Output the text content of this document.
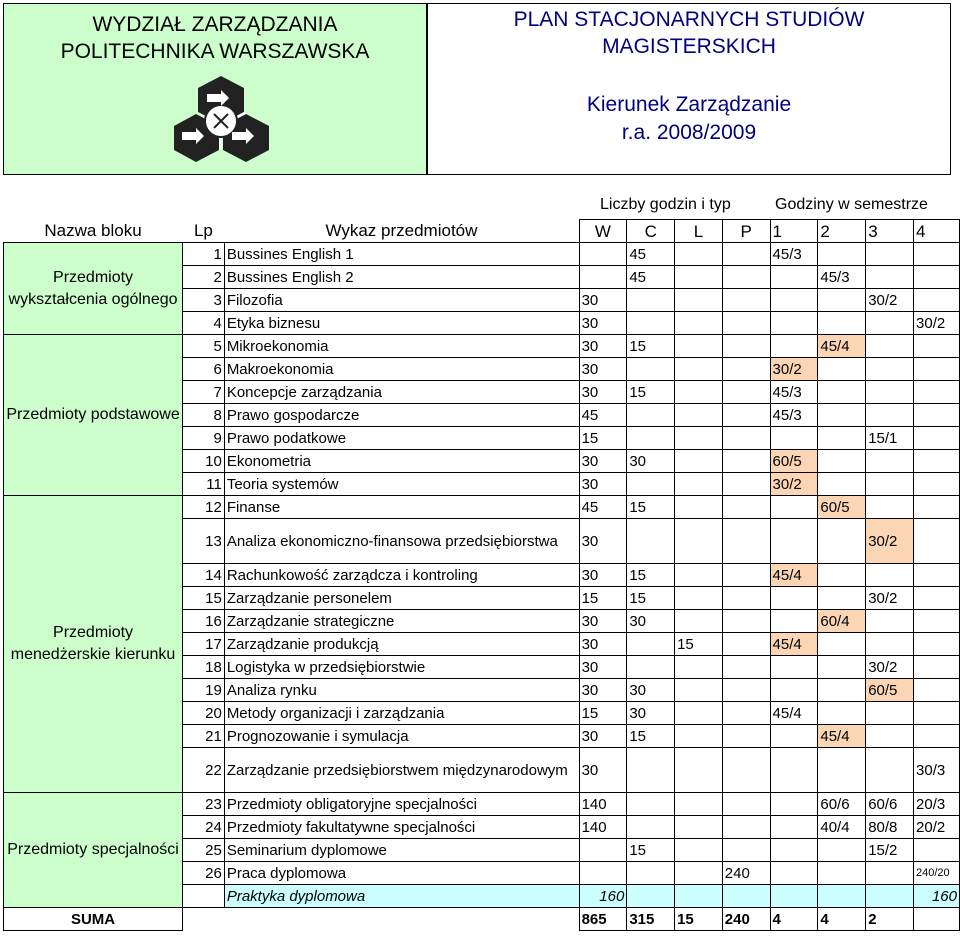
WYDZIAŁ ZARZĄDZANIA
POLITECHNIKA WARSZAWSKA
PLAN STACJONARNYCH STUDIÓW
MAGISTERSKICH
Kierunek Zarządzanie
r.a. 2008/2009
Liczby godzin i typ	Godziny w semestrze
Nazwa bloku	Lp	Wykaz przedmiotów	W	C	L	P	1	2	3	4
Przedmioty wykształcenia ogólnego	1	Bussines English 1		45			45/3			
	2	Bussines English 2		45				45/3		
	3	Filozofia	30						30/2	
	4	Etyka biznesu	30							30/2
Przedmioty podstawowe	5	Mikroekonomia	30	15				45/4		
	6	Makroekonomia	30				30/2			
	7	Koncepcje zarządzania	30	15			45/3			
	8	Prawo gospodarcze	45				45/3			
	9	Prawo podatkowe	15						15/1	
	10	Ekonometria	30	30			60/5			
	11	Teoria systemów	30				30/2			
Przedmioty menedżerskie kierunku	12	Finanse	45	15				60/5		
	13	Analiza ekonomiczno-finansowa przedsiębiorstwa	30						30/2	
	14	Rachunkowość zarządcza i kontroling	30	15			45/4			
	15	Zarządzanie personelem	15	15					30/2	
	16	Zarządzanie strategiczne	30	30				60/4		
	17	Zarządzanie produkcją	30		15		45/4			
	18	Logistyka w przedsiębiorstwie	30						30/2	
	19	Analiza rynku	30	30					60/5	
	20	Metody organizacji i zarządzania	15	30			45/4			
	21	Prognozowanie i symulacja	30	15				45/4		
	22	Zarządzanie przedsiębiorstwem międzynarodowym	30							30/3
Przedmioty specjalności	23	Przedmioty obligatoryjne specjalności	140					60/6	60/6	20/3
	24	Przedmioty fakultatywne specjalności	140					40/4	80/8	20/2
	25	Seminarium dyplomowe		15					15/2	
	26	Praca dyplomowa				240				240/20
		Praktyka dyplomowa	160							160
SUMA			865	315	15	240	4	4	2	
